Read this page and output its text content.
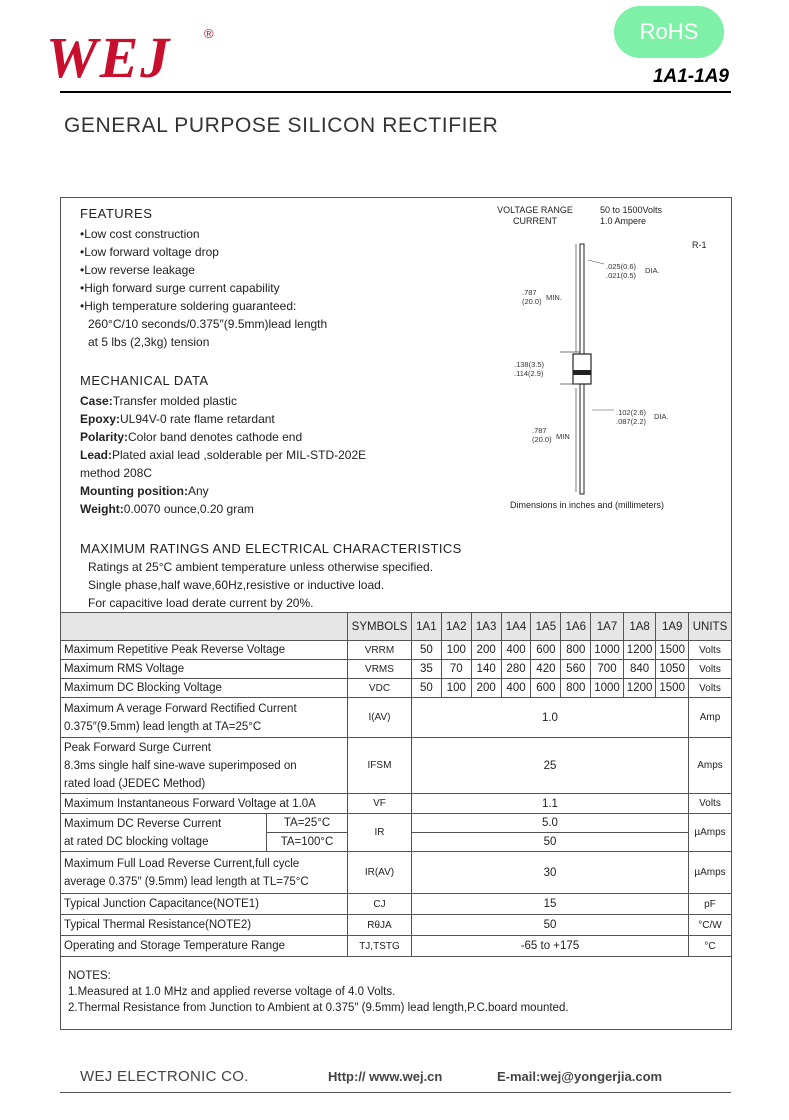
WEJ	®	RoHS
1A1-1A9
GENERAL PURPOSE SILICON RECTIFIER
FEATURES
• Low cost construction
• Low forward voltage drop
• Low reverse leakage
• High forward surge current capability
• High temperature soldering guaranteed:
260°C/10 seconds/0.375″(9.5mm)lead length
at 5 lbs (2,3kg) tension
MECHANICAL DATA
Case:Transfer molded plastic
Epoxy:UL94V-0 rate flame retardant
Polarity:Color band denotes cathode end
Lead:Plated axial lead ,solderable per MIL-STD-202E
method 208C
Mounting position:Any
Weight:0.0070 ounce,0.20 gram
VOLTAGE RANGE
CURRENT
50 to 1500Volts
1.0 Ampere
R-1
.025(0.6)
.021(0.5)
DIA.
.787
(20.0) MIN.
.138(3.5)
.114(2.9)
.102(2.6)
.087(2.2)
DIA.
.787
(20.0) MIN
Dimensions in inches and (millimeters)
MAXIMUM RATINGS AND ELECTRICAL CHARACTERISTICS
Ratings at 25°C ambient temperature unless otherwise specified.
Single phase,half wave,60Hz,resistive or inductive load.
For capacitive load derate current by 20%.
		SYMBOLS	1A1	1A2	1A3	1A4	1A5	1A6	1A7	1A8	1A9	UNITS
Maximum Repetitive Peak Reverse Voltage		VRRM	50	100	200	400	600	800	1000	1200	1500	Volts
Maximum RMS Voltage		VRMS	35	70	140	280	420	560	700	840	1050	Volts
Maximum DC Blocking Voltage		VDC	50	100	200	400	600	800	1000	1200	1500	Volts

Maximum A verage Forward Rectified Current
0.375″(9.5mm) lead length at TA=25°C		I(AV)	1.0									Amp

Peak Forward Surge Current
8.3ms single half sine-wave superimposed on
rated load (JEDEC Method)		IFSM	25									Amps
Maximum Instantaneous Forward Voltage at 1.0A		VF	1.1									Volts

Maximum DC Reverse Current
at rated DC blocking voltage	TA=25°C	IR	5.0									µAmps
	TA=100°C		50									

Maximum Full Load Reverse Current,full cycle
average 0.375″ (9.5mm) lead length at TL=75°C		IR(AV)	30									µAmps
Typical Junction Capacitance(NOTE1)		CJ	15									pF
Typical Thermal Resistance(NOTE2)		RθJA	50									°C/W
Operating and Storage Temperature Range		TJ,TSTG	-65 to +175									°C
NOTES:
1.Measured at 1.0 MHz and applied reverse voltage of 4.0 Volts.
2.Thermal Resistance from Junction to Ambient at 0.375″ (9.5mm) lead length,P.C.board mounted.
WEJ ELECTRONIC CO.	Http:// www.wej.cn	E-mail:wej@yongerjia.com
